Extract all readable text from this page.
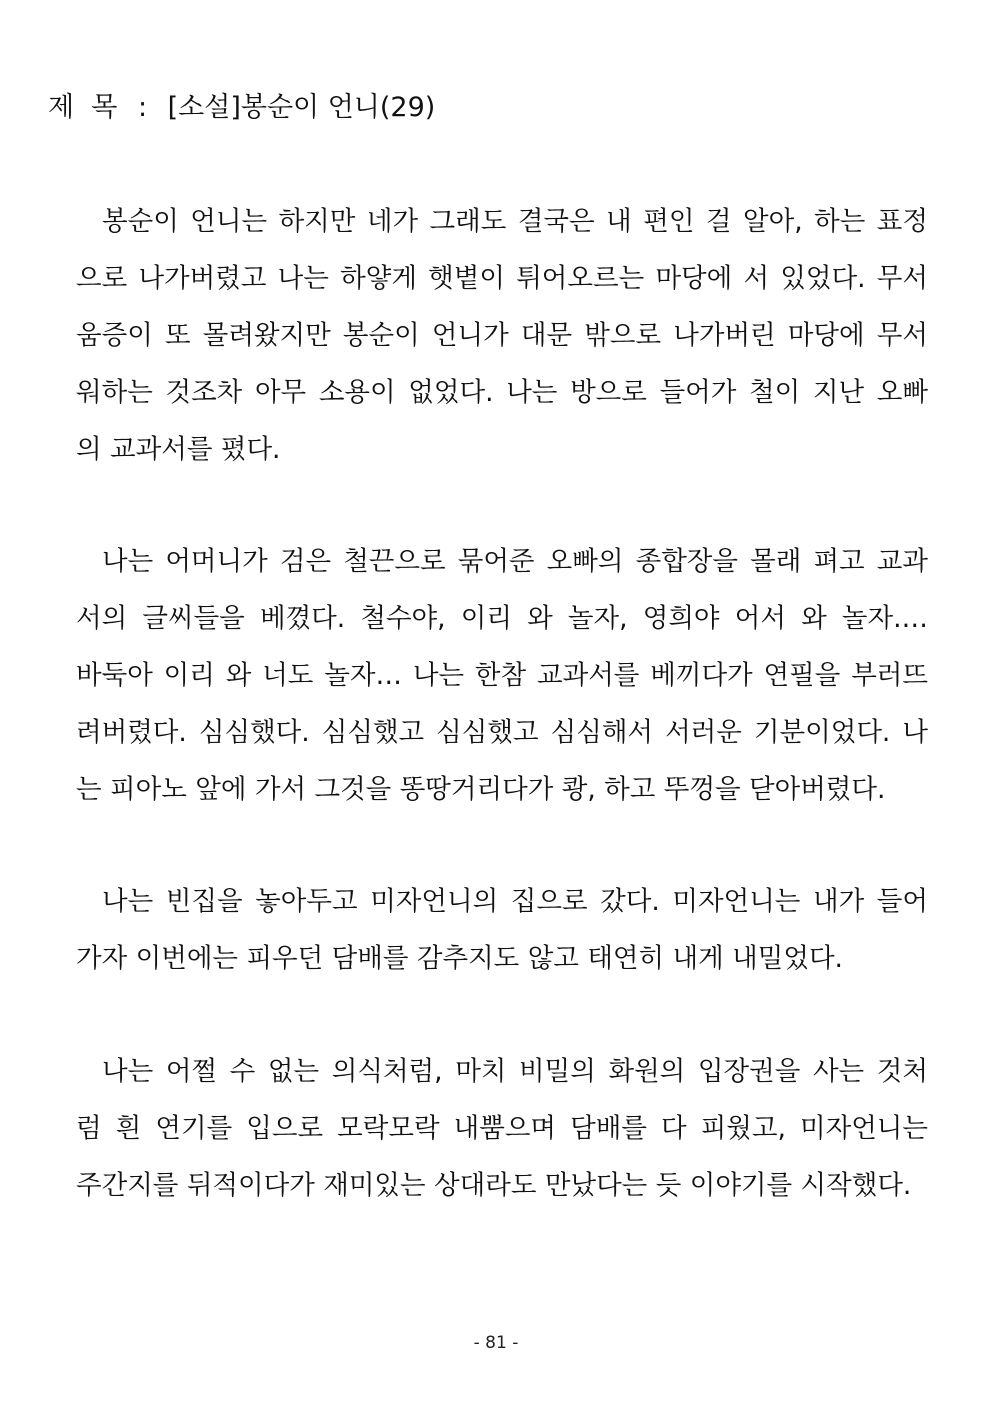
제  목 : [소설]봉순이 언니(29)
봉순이 언니는 하지만 네가 그래도 결국은 내 편인 걸 알아, 하는 표정
으로 나가버렸고 나는 하얗게 햇볕이 튀어오르는 마당에 서 있었다. 무서
움증이 또 몰려왔지만 봉순이 언니가 대문 밖으로 나가버린 마당에 무서
워하는 것조차 아무 소용이 없었다. 나는 방으로 들어가 철이 지난 오빠
의 교과서를 폈다.
나는 어머니가 검은 철끈으로 묶어준 오빠의 종합장을 몰래 펴고 교과
서의 글씨들을 베꼈다. 철수야, 이리 와 놀자, 영희야 어서 와 놀자.…
바둑아 이리 와 너도 놀자… 나는 한참 교과서를 베끼다가 연필을 부러뜨
려버렸다. 심심했다. 심심했고 심심했고 심심해서 서러운 기분이었다. 나
는 피아노 앞에 가서 그것을 똥땅거리다가 쾅, 하고 뚜껑을 닫아버렸다.
나는 빈집을 놓아두고 미자언니의 집으로 갔다. 미자언니는 내가 들어
가자 이번에는 피우던 담배를 감추지도 않고 태연히 내게 내밀었다.
나는 어쩔 수 없는 의식처럼, 마치 비밀의 화원의 입장권을 사는 것처
럼 흰 연기를 입으로 모락모락 내뿜으며 담배를 다 피웠고, 미자언니는
주간지를 뒤적이다가 재미있는 상대라도 만났다는 듯 이야기를 시작했다.
- 81 -
